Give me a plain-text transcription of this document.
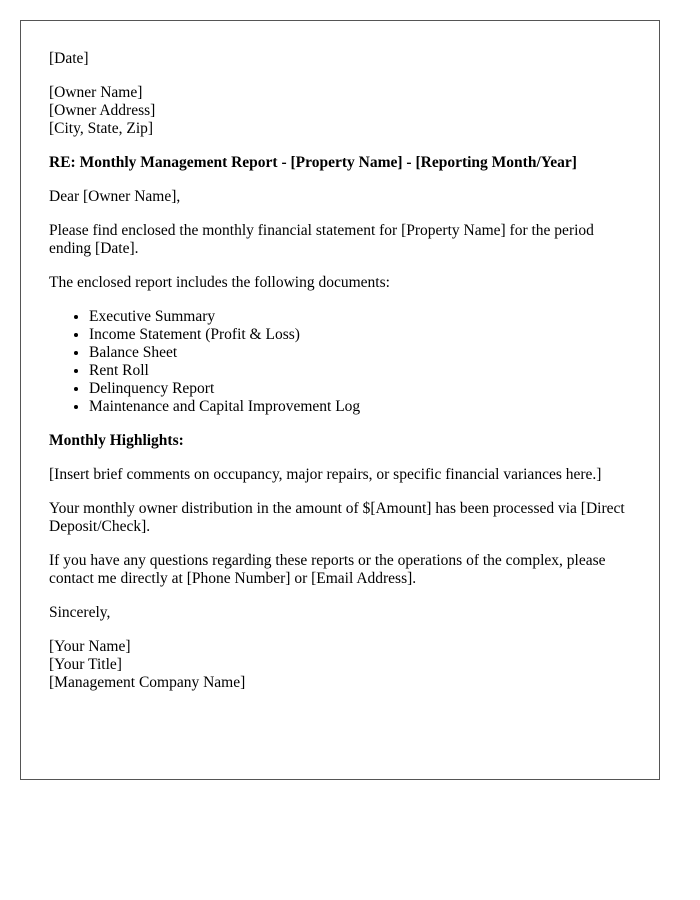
[Date]
[Owner Name]
[Owner Address]
[City, State, Zip]
RE: Monthly Management Report - [Property Name] - [Reporting Month/Year]
Dear [Owner Name],
Please find enclosed the monthly financial statement for [Property Name] for the period ending [Date].
The enclosed report includes the following documents:
• Executive Summary
• Income Statement (Profit & Loss)
• Balance Sheet
• Rent Roll
• Delinquency Report
• Maintenance and Capital Improvement Log
Monthly Highlights:
[Insert brief comments on occupancy, major repairs, or specific financial variances here.]
Your monthly owner distribution in the amount of $[Amount] has been processed via [Direct Deposit/Check].
If you have any questions regarding these reports or the operations of the complex, please contact me directly at [Phone Number] or [Email Address].
Sincerely,
[Your Name]
[Your Title]
[Management Company Name]
